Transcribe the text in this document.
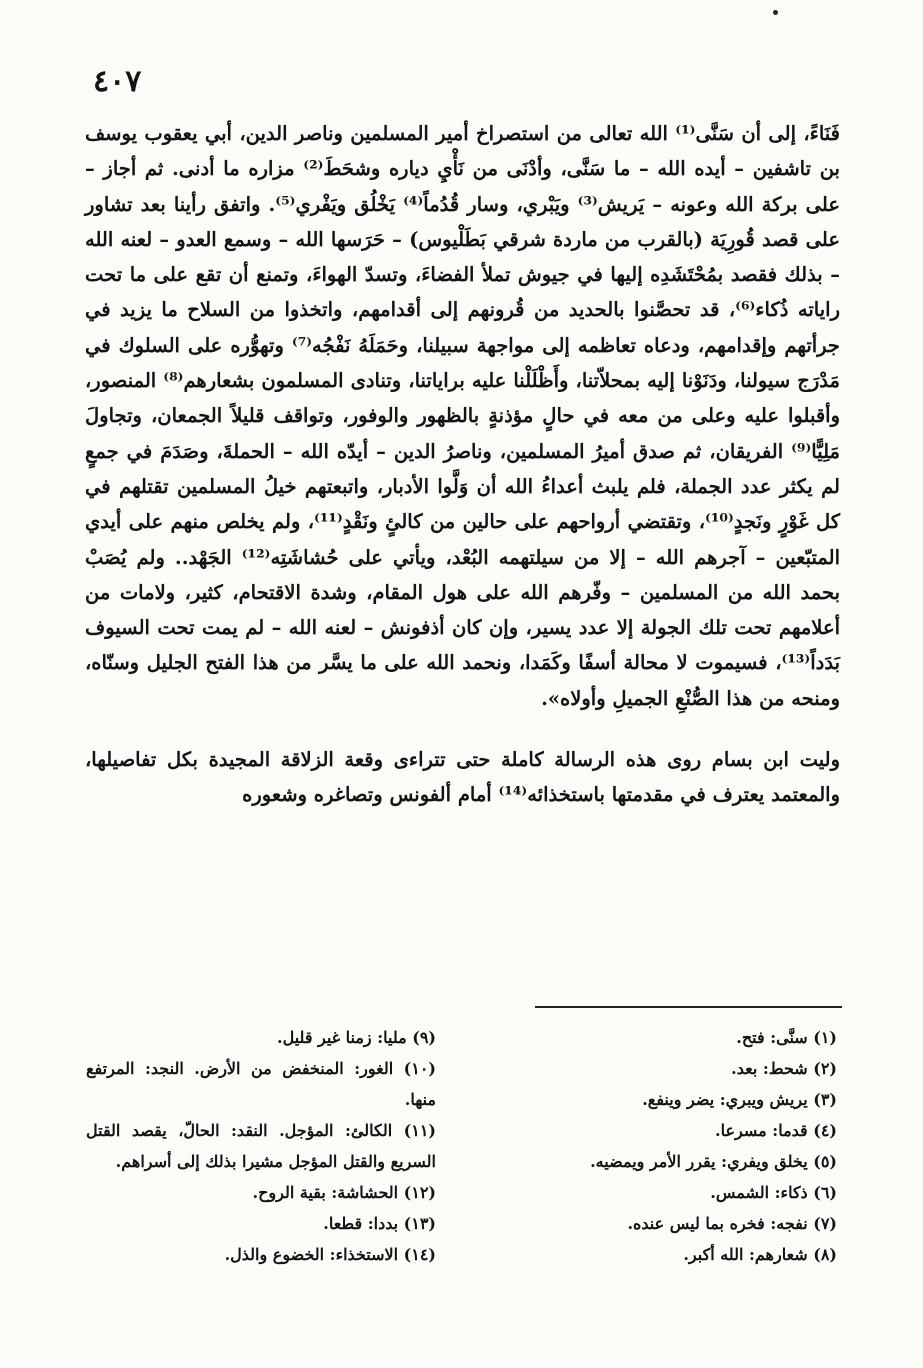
٤٠٧

فَنَاءً، إلى أن سَنَّى⁽¹⁾ الله تعالى من استصراخ أمير المسلمين وناصر الدين، أبي يعقوب يوسف بن تاشفين – أيده الله – ما سَنَّى، وأدْنَى من نَأْيِ دياره وشحَطَ⁽²⁾ مزاره ما أدنى. ثم أجاز – على بركة الله وعونه – يَريش⁽³⁾ ويَبْري، وسار قُدُماً⁽⁴⁾ يَخْلُق ويَفْري⁽⁵⁾. واتفق رأينا بعد تشاور على قصد قُورِيَة (بالقرب من ماردة شرقي بَطَلْيوس) – حَرَسها الله – وسمع العدو – لعنه الله – بذلك فقصد بمُحْتَشَدِه إليها في جيوش تملأ الفضاءَ، وتسدّ الهواءَ، وتمنع أن تقع على ما تحت راياته ذُكاء⁽⁶⁾، قد تحصَّنوا بالحديد من قُرونهم إلى أقدامهم، واتخذوا من السلاح ما يزيد في جرأتهم وإقدامهم، ودعاه تعاظمه إلى مواجهة سبيلنا، وحَمَلَهُ نَفْجُه⁽⁷⁾ وتهوُّره على السلوك في مَدْرَج سيولنا، ودَنَوْنا إليه بمحلاّتنا، وأَظْلَلْنا عليه براياتنا، وتنادى المسلمون بشعارهم⁽⁸⁾ المنصور، وأقبلوا عليه وعلى من معه في حالٍ مؤذنةٍ بالظهور والوفور، وتواقف قليلاً الجمعان، وتجاولَ مَلِيًّا⁽⁹⁾ الفريقان، ثم صدق أميرُ المسلمين، وناصرُ الدين – أيدّه الله – الحملةَ، وصَدَمَ في جمعٍ لم يكثر عدد الجملة، فلم يلبث أعداءُ الله أن وَلَّوا الأدبار، واتبعتهم خيلُ المسلمين تقتلهم في كل غَوْرٍ ونَجدٍ⁽¹⁰⁾، وتقتضي أرواحهم على حالين من كالئٍ ونَقْدٍ⁽¹¹⁾، ولم يخلص منهم على أيدي المتبّعين – آجرهم الله – إلا من سيلتهمه البُعْد، ويأتي على حُشاشَتِه⁽¹²⁾ الجَهْد.. ولم يُصَبْ بحمد الله من المسلمين – وفّرهم الله على هول المقام، وشدة الاقتحام، كثير، ولامات من أعلامهم تحت تلك الجولة إلا عدد يسير، وإن كان أذفونش – لعنه الله – لم يمت تحت السيوف بَدَداً⁽¹³⁾، فسيموت لا محالة أسفًا وكَمَدا، ونحمد الله على ما يسَّر من هذا الفتح الجليل وسنّاه، ومنحه من هذا الصُّنْعِ الجميلِ وأولاه».

وليت ابن بسام روى هذه الرسالة كاملة حتى تتراءى وقعة الزلاقة المجيدة بكل تفاصيلها، والمعتمد يعترف في مقدمتها باستخذائه⁽¹⁴⁾ أمام ألفونس وتصاغره وشعوره

(١) سنَّى: فتح.
(٢) شحط: بعد.
(٣) يريش ويبري: يضر وينفع.
(٤) قدما: مسرعا.
(٥) يخلق ويفري: يقرر الأمر ويمضيه.
(٦) ذكاء: الشمس.
(٧) نفجه: فخره بما ليس عنده.
(٨) شعارهم: الله أكبر.
(٩) مليا: زمنا غير قليل.
(١٠) الغور: المنخفض من الأرض. النجد: المرتفع منها.
(١١) الكالئ: المؤجل. النقد: الحالّ، يقصد القتل السريع والقتل المؤجل مشيرا بذلك إلى أسراهم.
(١٢) الحشاشة: بقية الروح.
(١٣) بددا: قطعا.
(١٤) الاستخذاء: الخضوع والذل.
